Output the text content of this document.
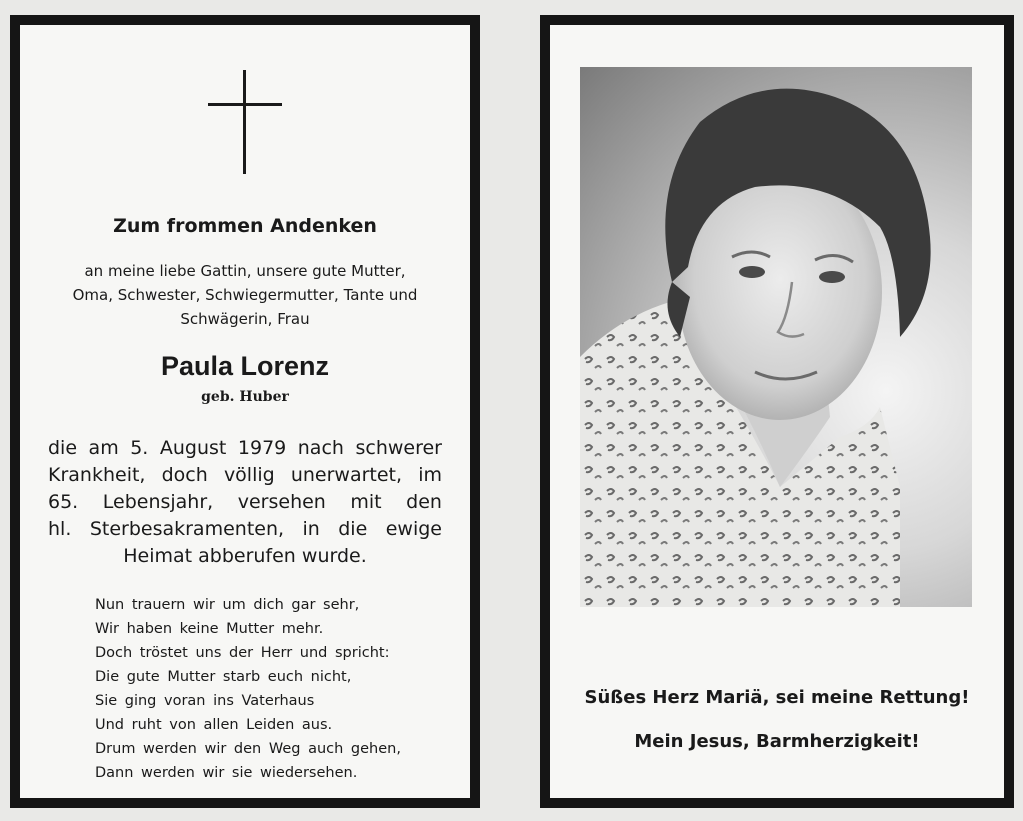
Zum frommen Andenken
an meine liebe Gattin, unsere gute Mutter,
Oma, Schwester, Schwiegermutter, Tante und
Schwägerin, Frau
Paula Lorenz
geb. Huber
die am 5. August 1979 nach schwerer
Krankheit, doch völlig unerwartet, im
65. Lebensjahr, versehen mit den
hl. Sterbesakramenten, in die ewige
Heimat
abberufen
wurde.
Nun trauern wir um dich gar sehr,
Wir haben keine Mutter mehr.
Doch tröstet uns der Herr und spricht:
Die gute Mutter starb euch nicht,
Sie ging voran ins Vaterhaus
Und ruht von allen Leiden aus.
Drum werden wir den Weg auch gehen,
Dann werden wir sie wiedersehen.
Süßes Herz Mariä, sei meine Rettung!
Mein Jesus, Barmherzigkeit!
